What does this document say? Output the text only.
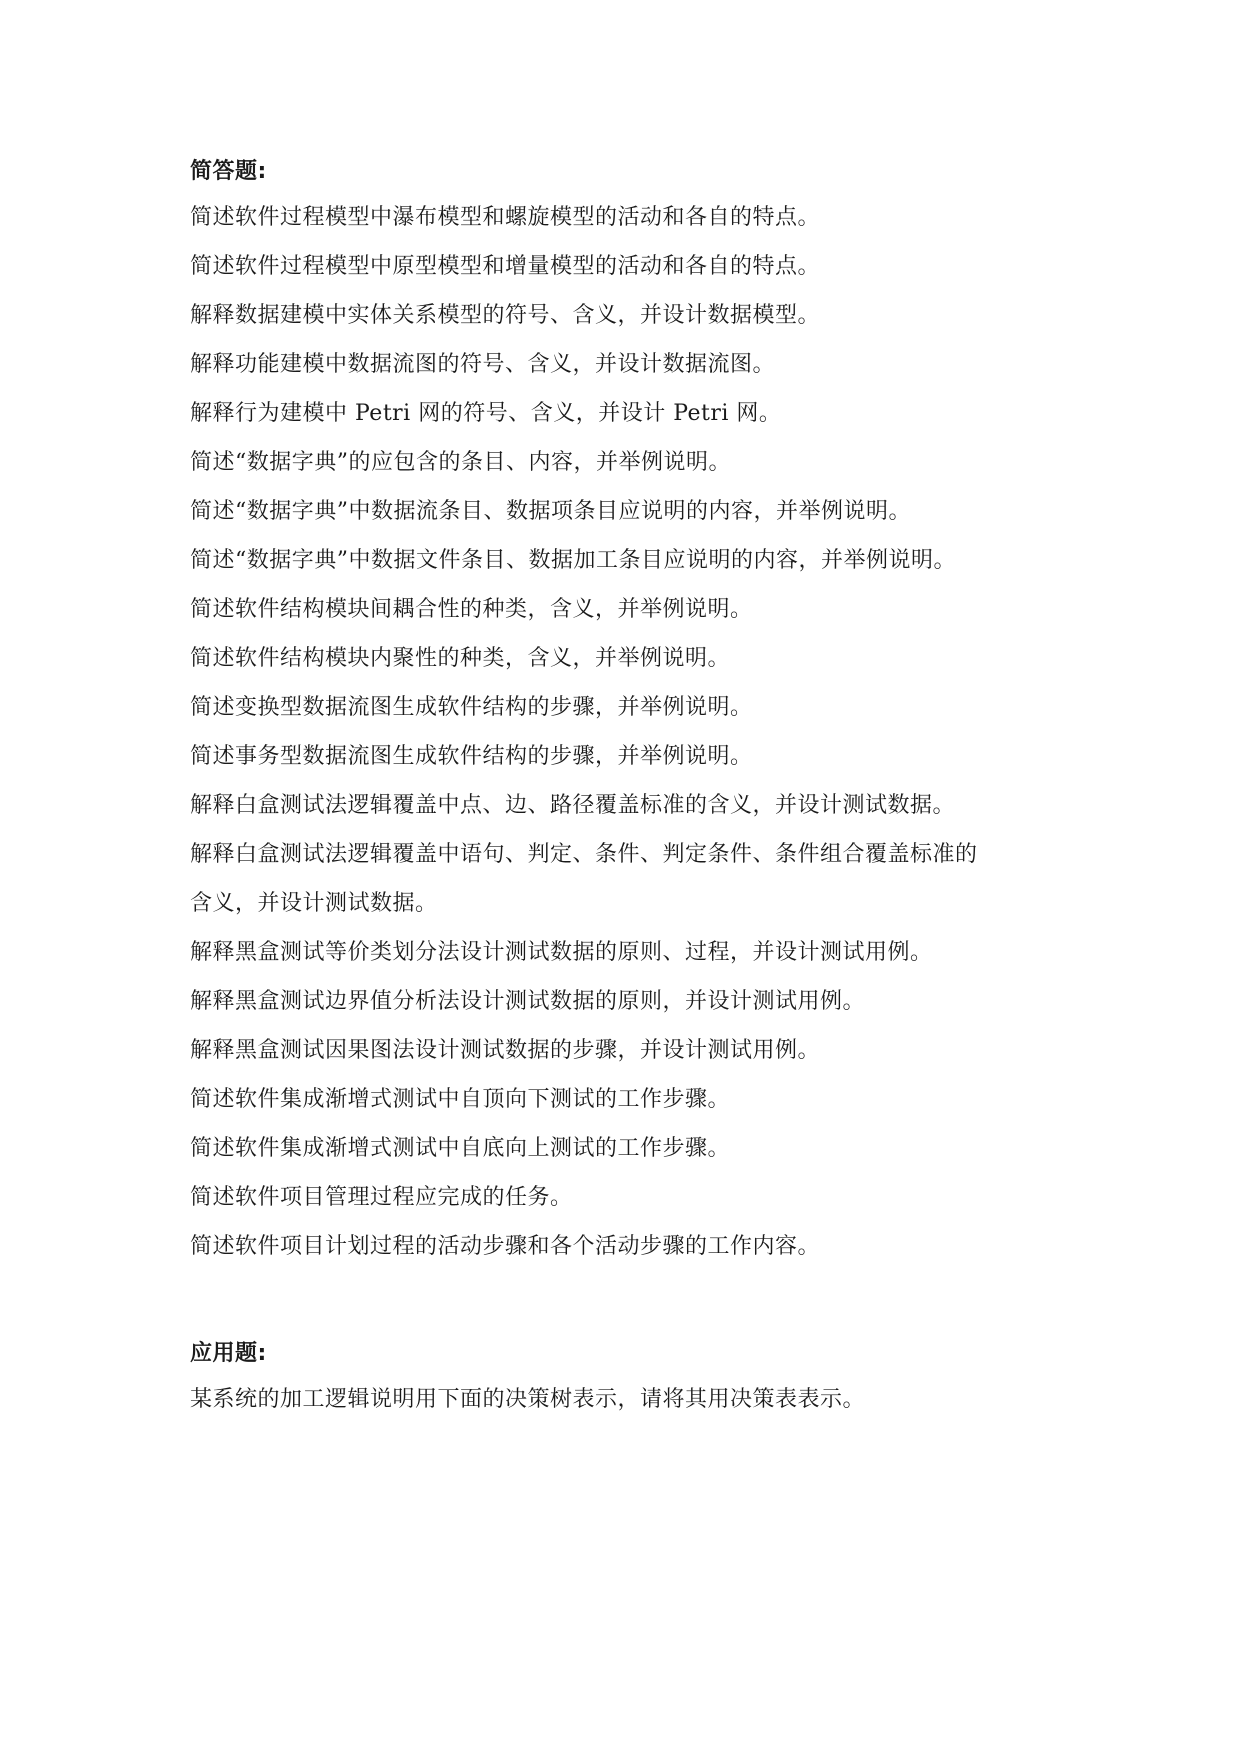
简答题:
简述软件过程模型中瀑布模型和螺旋模型的活动和各自的特点。
简述软件过程模型中原型模型和增量模型的活动和各自的特点。
解释数据建模中实体关系模型的符号、含义，并设计数据模型。
解释功能建模中数据流图的符号、含义，并设计数据流图。
解释行为建模中 Petri 网的符号、含义，并设计 Petri 网。
简述“数据字典”的应包含的条目、内容，并举例说明。
简述“数据字典”中数据流条目、数据项条目应说明的内容，并举例说明。
简述“数据字典”中数据文件条目、数据加工条目应说明的内容，并举例说明。
简述软件结构模块间耦合性的种类，含义，并举例说明。
简述软件结构模块内聚性的种类，含义，并举例说明。
简述变换型数据流图生成软件结构的步骤，并举例说明。
简述事务型数据流图生成软件结构的步骤，并举例说明。
解释白盒测试法逻辑覆盖中点、边、路径覆盖标准的含义，并设计测试数据。
解释白盒测试法逻辑覆盖中语句、判定、条件、判定条件、条件组合覆盖标准的
含义，并设计测试数据。
解释黑盒测试等价类划分法设计测试数据的原则、过程，并设计测试用例。
解释黑盒测试边界值分析法设计测试数据的原则，并设计测试用例。
解释黑盒测试因果图法设计测试数据的步骤，并设计测试用例。
简述软件集成渐增式测试中自顶向下测试的工作步骤。
简述软件集成渐增式测试中自底向上测试的工作步骤。
简述软件项目管理过程应完成的任务。
简述软件项目计划过程的活动步骤和各个活动步骤的工作内容。
应用题:
某系统的加工逻辑说明用下面的决策树表示，请将其用决策表表示。
